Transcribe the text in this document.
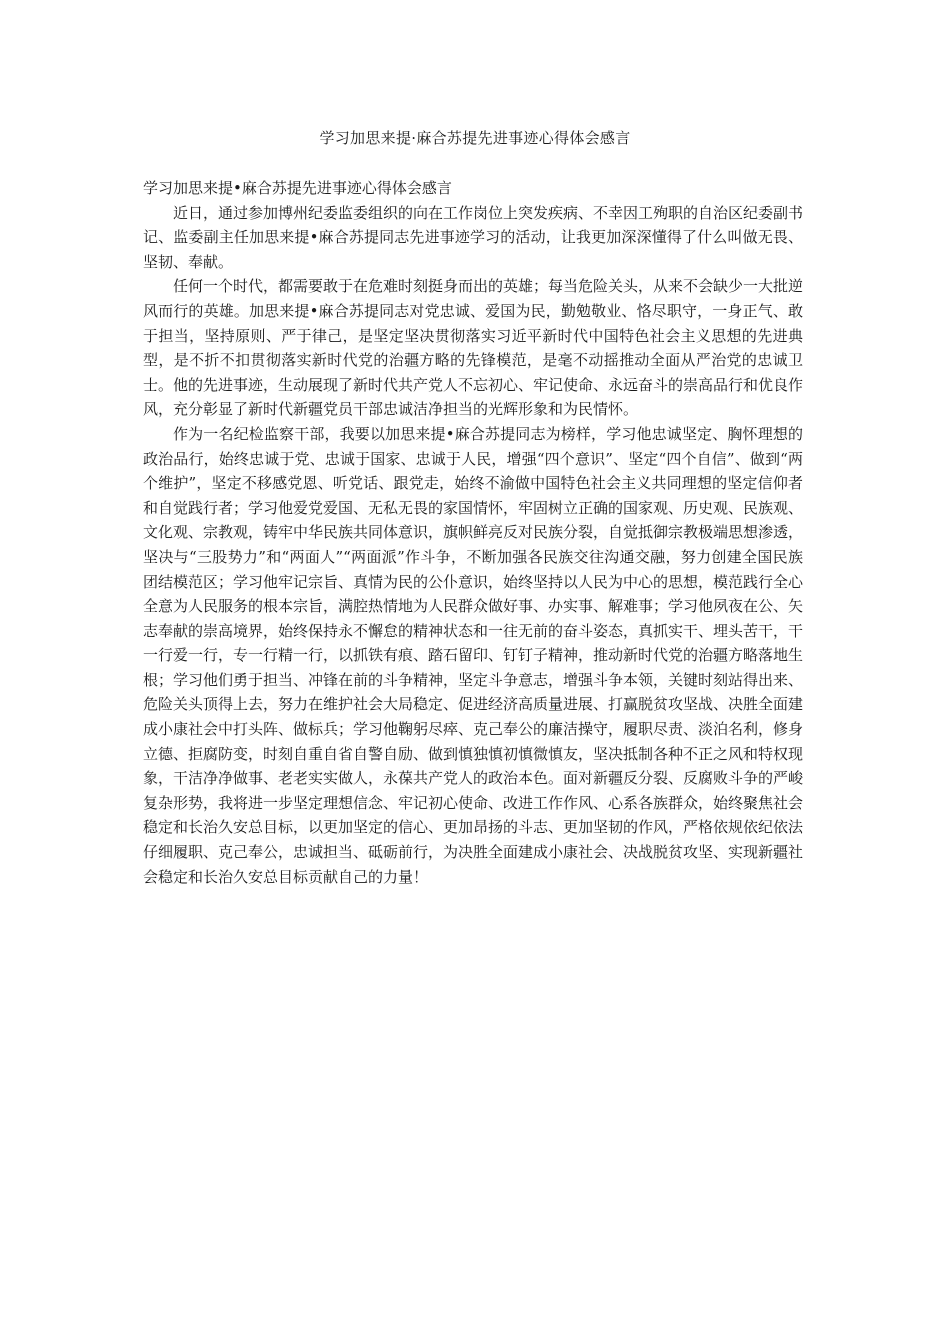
学习加思来提·麻合苏提先进事迹心得体会感言

学习加思来提•麻合苏提先进事迹心得体会感言

近日，通过参加博州纪委监委组织的向在工作岗位上突发疾病、不幸因工殉职的自治区纪委副书记、监委副主任加思来提•麻合苏提同志先进事迹学习的活动，让我更加深深懂得了什么叫做无畏、坚韧、奉献。

任何一个时代，都需要敢于在危难时刻挺身而出的英雄；每当危险关头，从来不会缺少一大批逆风而行的英雄。加思来提•麻合苏提同志对党忠诚、爱国为民，勤勉敬业、恪尽职守，一身正气、敢于担当，坚持原则、严于律己，是坚定坚决贯彻落实习近平新时代中国特色社会主义思想的先进典型，是不折不扣贯彻落实新时代党的治疆方略的先锋模范，是毫不动摇推动全面从严治党的忠诚卫士。他的先进事迹，生动展现了新时代共产党人不忘初心、牢记使命、永远奋斗的崇高品行和优良作风，充分彰显了新时代新疆党员干部忠诚洁净担当的光辉形象和为民情怀。

作为一名纪检监察干部，我要以加思来提•麻合苏提同志为榜样，学习他忠诚坚定、胸怀理想的政治品行，始终忠诚于党、忠诚于国家、忠诚于人民，增强“四个意识”、坚定“四个自信”、做到“两个维护”，坚定不移感党恩、听党话、跟党走，始终不渝做中国特色社会主义共同理想的坚定信仰者和自觉践行者；学习他爱党爱国、无私无畏的家国情怀，牢固树立正确的国家观、历史观、民族观、文化观、宗教观，铸牢中华民族共同体意识，旗帜鲜亮反对民族分裂，自觉抵御宗教极端思想渗透，坚决与“三股势力”和“两面人”“两面派”作斗争，不断加强各民族交往沟通交融，努力创建全国民族团结模范区；学习他牢记宗旨、真情为民的公仆意识，始终坚持以人民为中心的思想，模范践行全心全意为人民服务的根本宗旨，满腔热情地为人民群众做好事、办实事、解难事；学习他夙夜在公、矢志奉献的崇高境界，始终保持永不懈怠的精神状态和一往无前的奋斗姿态，真抓实干、埋头苦干，干一行爱一行，专一行精一行，以抓铁有痕、踏石留印、钉钉子精神，推动新时代党的治疆方略落地生根；学习他们勇于担当、冲锋在前的斗争精神，坚定斗争意志，增强斗争本领，关键时刻站得出来、危险关头顶得上去，努力在维护社会大局稳定、促进经济高质量进展、打赢脱贫攻坚战、决胜全面建成小康社会中打头阵、做标兵；学习他鞠躬尽瘁、克己奉公的廉洁操守，履职尽责、淡泊名利，修身立德、拒腐防变，时刻自重自省自警自励、做到慎独慎初慎微慎友，坚决抵制各种不正之风和特权现象，干洁净净做事、老老实实做人，永葆共产党人的政治本色。面对新疆反分裂、反腐败斗争的严峻复杂形势，我将进一步坚定理想信念、牢记初心使命、改进工作作风、心系各族群众，始终聚焦社会稳定和长治久安总目标，以更加坚定的信心、更加昂扬的斗志、更加坚韧的作风，严格依规依纪依法仔细履职、克己奉公，忠诚担当、砥砺前行，为决胜全面建成小康社会、决战脱贫攻坚、实现新疆社会稳定和长治久安总目标贡献自己的力量！
